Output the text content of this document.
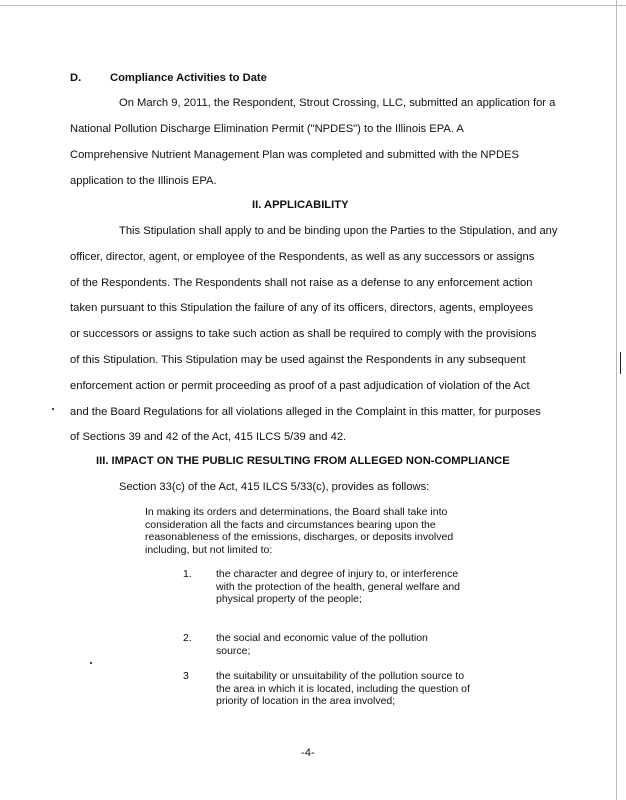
D.	Compliance Activities to Date
On March 9, 2011, the Respondent, Strout Crossing, LLC, submitted an application for a
National Pollution Discharge Elimination Permit ("NPDES") to the Illinois EPA. A
Comprehensive Nutrient Management Plan was completed and submitted with the NPDES
application to the Illinois EPA.
II. APPLICABILITY
This Stipulation shall apply to and be binding upon the Parties to the Stipulation, and any
officer, director, agent, or employee of the Respondents, as well as any successors or assigns
of the Respondents. The Respondents shall not raise as a defense to any enforcement action
taken pursuant to this Stipulation the failure of any of its officers, directors, agents, employees
or successors or assigns to take such action as shall be required to comply with the provisions
of this Stipulation. This Stipulation may be used against the Respondents in any subsequent
enforcement action or permit proceeding as proof of a past adjudication of violation of the Act
and the Board Regulations for all violations alleged in the Complaint in this matter, for purposes
of Sections 39 and 42 of the Act, 415 ILCS 5/39 and 42.
III. IMPACT ON THE PUBLIC RESULTING FROM ALLEGED NON-COMPLIANCE
Section 33(c) of the Act, 415 ILCS 5/33(c), provides as follows:
In making its orders and determinations, the Board shall take into consideration all the facts and circumstances bearing upon the reasonableness of the emissions, discharges, or deposits involved including, but not limited to:
1. the character and degree of injury to, or interference with the protection of the health, general welfare and physical property of the people;
2. the social and economic value of the pollution source;
3	the suitability or unsuitability of the pollution source to the area in which it is located, including the question of priority of location in the area involved;
-4-
